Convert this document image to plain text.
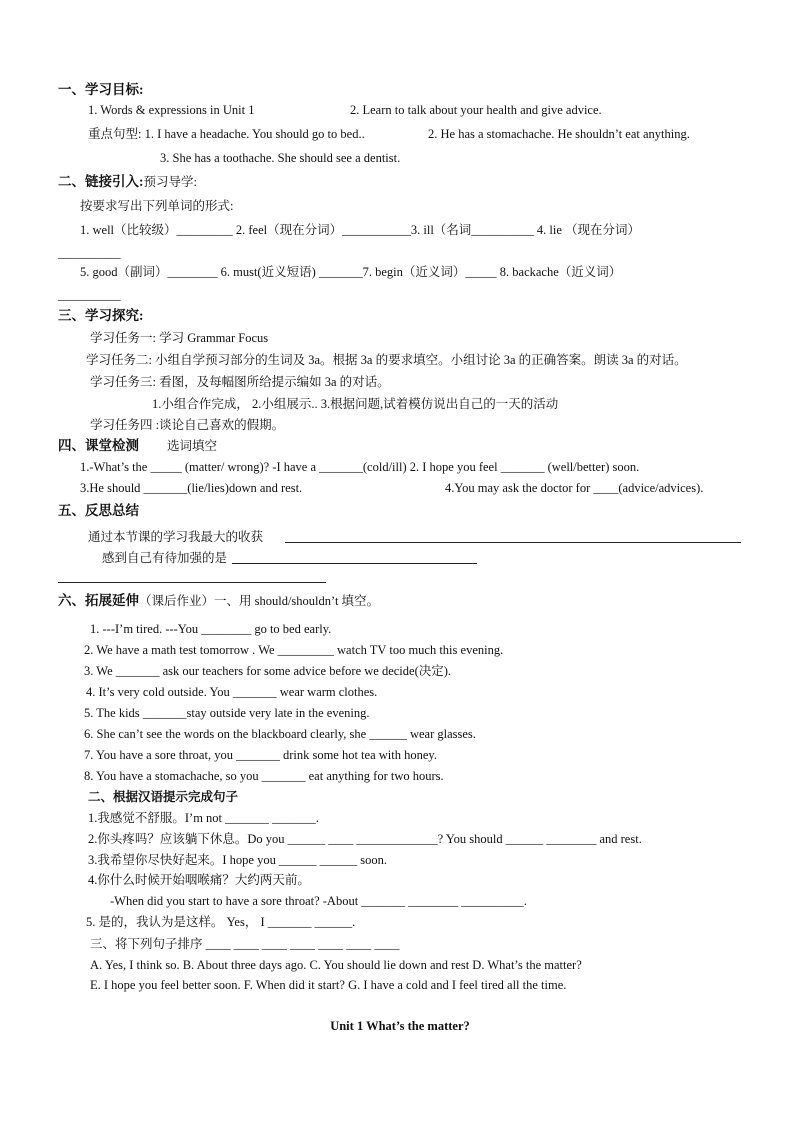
一、学习目标:
1. Words & expressions in Unit 1	2. Learn to talk about your health and give advice.
重点句型: 1. I have a headache. You should go to bed..	2. He has a stomachache. He shouldn’t eat anything.
3. She has a toothache. She should see a dentist.
二、链接引入:预习导学:
按要求写出下列单词的形式:
1. well（比较级）_________ 2. feel（现在分词）___________3. ill（名词__________ 4. lie （现在分词）
__________
5. good（副词）________ 6. must(近义短语) _______7. begin（近义词）_____ 8. backache（近义词）
__________
三、学习探究:
学习任务一: 学习 Grammar Focus
学习任务二: 小组自学预习部分的生词及 3a。根据 3a 的要求填空。小组讨论 3a 的正确答案。朗读 3a 的对话。
学习任务三: 看图，及每幅图所给提示编如 3a 的对话。
1.小组合作完成， 2.小组展示.. 3.根据问题,试着模仿说出自己的一天的活动
学习任务四 :谈论自己喜欢的假期。
四、课堂检测 选词填空
1.-What’s the _____ (matter/ wrong)? -I have a _______(cold/ill) 2. I hope you feel _______ (well/better) soon.
3.He should _______(lie/lies)down and rest.	4.You may ask the doctor for ____(advice/advices).
五、反思总结
通过本节课的学习我最大的收获
感到自己有待加强的是
六、拓展延伸（课后作业）一、用 should/shouldn’t 填空。
1. ---I’m tired. ---You ________ go to bed early.
2. We have a math test tomorrow . We _________ watch TV too much this evening.
3. We _______ ask our teachers for some advice before we decide(决定).
4. It’s very cold outside. You _______ wear warm clothes.
5. The kids _______stay outside very late in the evening.
6. She can’t see the words on the blackboard clearly, she ______ wear glasses.
7. You have a sore throat, you _______ drink some hot tea with honey.
8. You have a stomachache, so you _______ eat anything for two hours.
二、根据汉语提示完成句子
1.我感觉不舒服。I’m not _______ _______.
2.你头疼吗？应该躺下休息。Do you ______ ____ _____________? You should ______ ________ and rest.
3.我希望你尽快好起来。I hope you ______ ______ soon.
4.你什么时候开始咽喉痛？大约两天前。
-When did you start to have a sore throat? -About _______ ________ __________.
5. 是的，我认为是这样。 Yes， I _______ ______.
三、将下列句子排序 ____ ____ ____ ____ ____ ____ ____
A. Yes, I think so. B. About three days ago. C. You should lie down and rest D. What’s the matter?
E. I hope you feel better soon. F. When did it start? G. I have a cold and I feel tired all the time.
Unit 1 What’s the matter?
